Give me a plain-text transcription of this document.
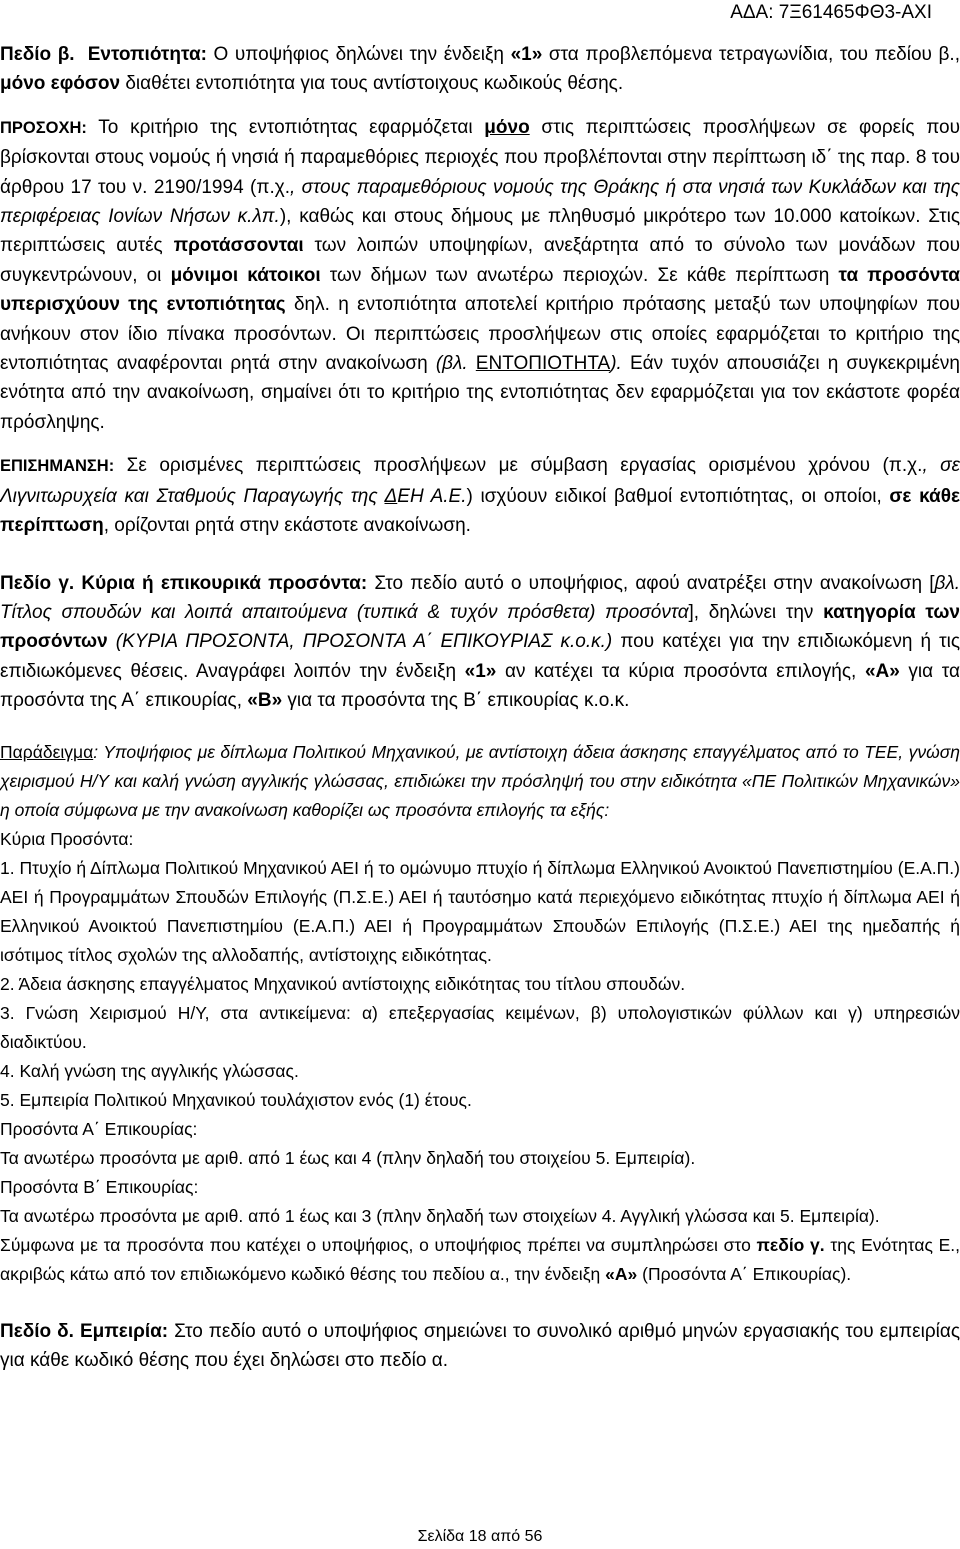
ΑΔΑ: 7Ξ61465ΦΘ3-ΑΧΙ

Πεδίο β. Εντοπιότητα: Ο υποψήφιος δηλώνει την ένδειξη «1» στα προβλεπόμενα τετραγωνίδια, του πεδίου β., μόνο εφόσον διαθέτει εντοπιότητα για τους αντίστοιχους κωδικούς θέσης.

ΠΡΟΣΟΧΗ: Το κριτήριο της εντοπιότητας εφαρμόζεται μόνο στις περιπτώσεις προσλήψεων σε φορείς που βρίσκονται στους νομούς ή νησιά ή παραμεθόριες περιοχές που προβλέπονται στην περίπτωση ιδ΄ της παρ. 8 του άρθρου 17 του ν. 2190/1994 (π.χ., στους παραμεθόριους νομούς της Θράκης ή στα νησιά των Κυκλάδων και της περιφέρειας Ιονίων Νήσων κ.λπ.), καθώς και στους δήμους με πληθυσμό μικρότερο των 10.000 κατοίκων. Στις περιπτώσεις αυτές προτάσσονται των λοιπών υποψηφίων, ανεξάρτητα από το σύνολο των μονάδων που συγκεντρώνουν, οι μόνιμοι κάτοικοι των δήμων των ανωτέρω περιοχών. Σε κάθε περίπτωση τα προσόντα υπερισχύουν της εντοπιότητας δηλ. η εντοπιότητα αποτελεί κριτήριο πρότασης μεταξύ των υποψηφίων που ανήκουν στον ίδιο πίνακα προσόντων. Οι περιπτώσεις προσλήψεων στις οποίες εφαρμόζεται το κριτήριο της εντοπιότητας αναφέρονται ρητά στην ανακοίνωση (βλ. ΕΝΤΟΠΙΟΤΗΤΑ). Εάν τυχόν απουσιάζει η συγκεκριμένη ενότητα από την ανακοίνωση, σημαίνει ότι το κριτήριο της εντοπιότητας δεν εφαρμόζεται για τον εκάστοτε φορέα πρόσληψης.

ΕΠΙΣΗΜΑΝΣΗ: Σε ορισμένες περιπτώσεις προσλήψεων με σύμβαση εργασίας ορισμένου χρόνου (π.χ., σε Λιγνιτωρυχεία και Σταθμούς Παραγωγής της ΔΕΗ Α.Ε.) ισχύουν ειδικοί βαθμοί εντοπιότητας, οι οποίοι, σε κάθε περίπτωση, ορίζονται ρητά στην εκάστοτε ανακοίνωση.

Πεδίο γ. Κύρια ή επικουρικά προσόντα: Στο πεδίο αυτό ο υποψήφιος, αφού ανατρέξει στην ανακοίνωση [βλ. Τίτλος σπουδών και λοιπά απαιτούμενα (τυπικά & τυχόν πρόσθετα) προσόντα], δηλώνει την κατηγορία των προσόντων (ΚΥΡΙΑ ΠΡΟΣΟΝΤΑ, ΠΡΟΣΟΝΤΑ Α΄ ΕΠΙΚΟΥΡΙΑΣ κ.ο.κ.) που κατέχει για την επιδιωκόμενη ή τις επιδιωκόμενες θέσεις. Αναγράφει λοιπόν την ένδειξη «1» αν κατέχει τα κύρια προσόντα επιλογής, «Α» για τα προσόντα της Α΄ επικουρίας, «Β» για τα προσόντα της Β΄ επικουρίας κ.ο.κ.

Παράδειγμα: Υποψήφιος με δίπλωμα Πολιτικού Μηχανικού, με αντίστοιχη άδεια άσκησης επαγγέλματος από το ΤΕΕ, γνώση χειρισμού Η/Υ και καλή γνώση αγγλικής γλώσσας, επιδιώκει την πρόσληψή του στην ειδικότητα «ΠΕ Πολιτικών Μηχανικών» η οποία σύμφωνα με την ανακοίνωση καθορίζει ως προσόντα επιλογής τα εξής:

Κύρια Προσόντα:

1. Πτυχίο ή Δίπλωμα Πολιτικού Μηχανικού ΑΕΙ ή το ομώνυμο πτυχίο ή δίπλωμα Ελληνικού Ανοικτού Πανεπιστημίου (Ε.Α.Π.) ΑΕΙ ή Προγραμμάτων Σπουδών Επιλογής (Π.Σ.Ε.) ΑΕΙ ή ταυτόσημο κατά περιεχόμενο ειδικότητας πτυχίο ή δίπλωμα ΑΕΙ ή Ελληνικού Ανοικτού Πανεπιστημίου (Ε.Α.Π.) ΑΕΙ ή Προγραμμάτων Σπουδών Επιλογής (Π.Σ.Ε.) ΑΕΙ της ημεδαπής ή ισότιμος τίτλος σχολών της αλλοδαπής, αντίστοιχης ειδικότητας.

2. Άδεια άσκησης επαγγέλματος Μηχανικού αντίστοιχης ειδικότητας του τίτλου σπουδών.

3. Γνώση Χειρισμού Η/Υ, στα αντικείμενα: α) επεξεργασίας κειμένων, β) υπολογιστικών φύλλων και γ) υπηρεσιών διαδικτύου.

4. Καλή γνώση της αγγλικής γλώσσας.

5. Εμπειρία Πολιτικού Μηχανικού τουλάχιστον ενός (1) έτους.

Προσόντα Α΄ Επικουρίας:

Τα ανωτέρω προσόντα με αριθ. από 1 έως και 4 (πλην δηλαδή του στοιχείου 5. Εμπειρία).

Προσόντα Β΄ Επικουρίας:

Τα ανωτέρω προσόντα με αριθ. από 1 έως και 3 (πλην δηλαδή των στοιχείων 4. Αγγλική γλώσσα και 5. Εμπειρία).

Σύμφωνα με τα προσόντα που κατέχει ο υποψήφιος, ο υποψήφιος πρέπει να συμπληρώσει στο πεδίο γ. της Ενότητας Ε., ακριβώς κάτω από τον επιδιωκόμενο κωδικό θέσης του πεδίου α., την ένδειξη «Α» (Προσόντα Α΄ Επικουρίας).

Πεδίο δ. Εμπειρία: Στο πεδίο αυτό ο υποψήφιος σημειώνει το συνολικό αριθμό μηνών εργασιακής του εμπειρίας για κάθε κωδικό θέσης που έχει δηλώσει στο πεδίο α.

Σελίδα 18 από 56
